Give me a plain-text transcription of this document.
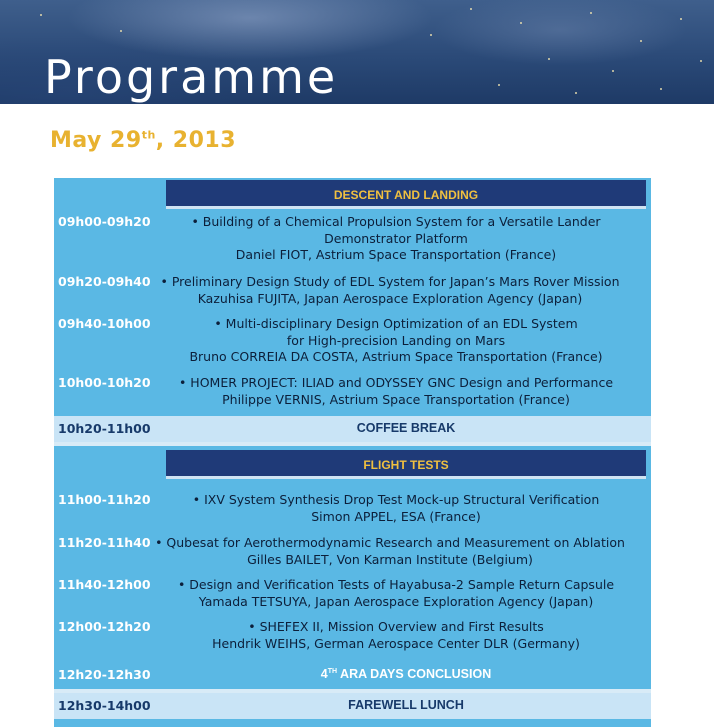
Programme
May 29th, 2013
DESCENT AND LANDING
09h00-09h20	• Building of a Chemical Propulsion System for a Versatile Lander
Demonstrator Platform
Daniel FIOT, Astrium Space Transportation (France)
09h20-09h40 • Preliminary Design Study of EDL System for Japan’s Mars Rover Mission
Kazuhisa FUJITA, Japan Aerospace Exploration Agency (Japan)
09h40-10h00	• Multi-disciplinary Design Optimization of an EDL System
for High-precision Landing on Mars
Bruno CORREIA DA COSTA, Astrium Space Transportation (France)
10h00-10h20	• HOMER PROJECT: ILIAD and ODYSSEY GNC Design and Performance
Philippe VERNIS, Astrium Space Transportation (France)
10h20-11h00	COFFEE BREAK
FLIGHT TESTS
11h00-11h20	• IXV System Synthesis Drop Test Mock-up Structural Verification
Simon APPEL, ESA (France)
11h20-11h40 • Qubesat for Aerothermodynamic Research and Measurement on Ablation
Gilles BAILET, Von Karman Institute (Belgium)
11h40-12h00	• Design and Verification Tests of Hayabusa-2 Sample Return Capsule
Yamada TETSUYA, Japan Aerospace Exploration Agency (Japan)
12h00-12h20	• SHEFEX II, Mission Overview and First Results
Hendrik WEIHS, German Aerospace Center DLR (Germany)
12h20-12h30	4TH ARA DAYS CONCLUSION
12h30-14h00	FAREWELL LUNCH
